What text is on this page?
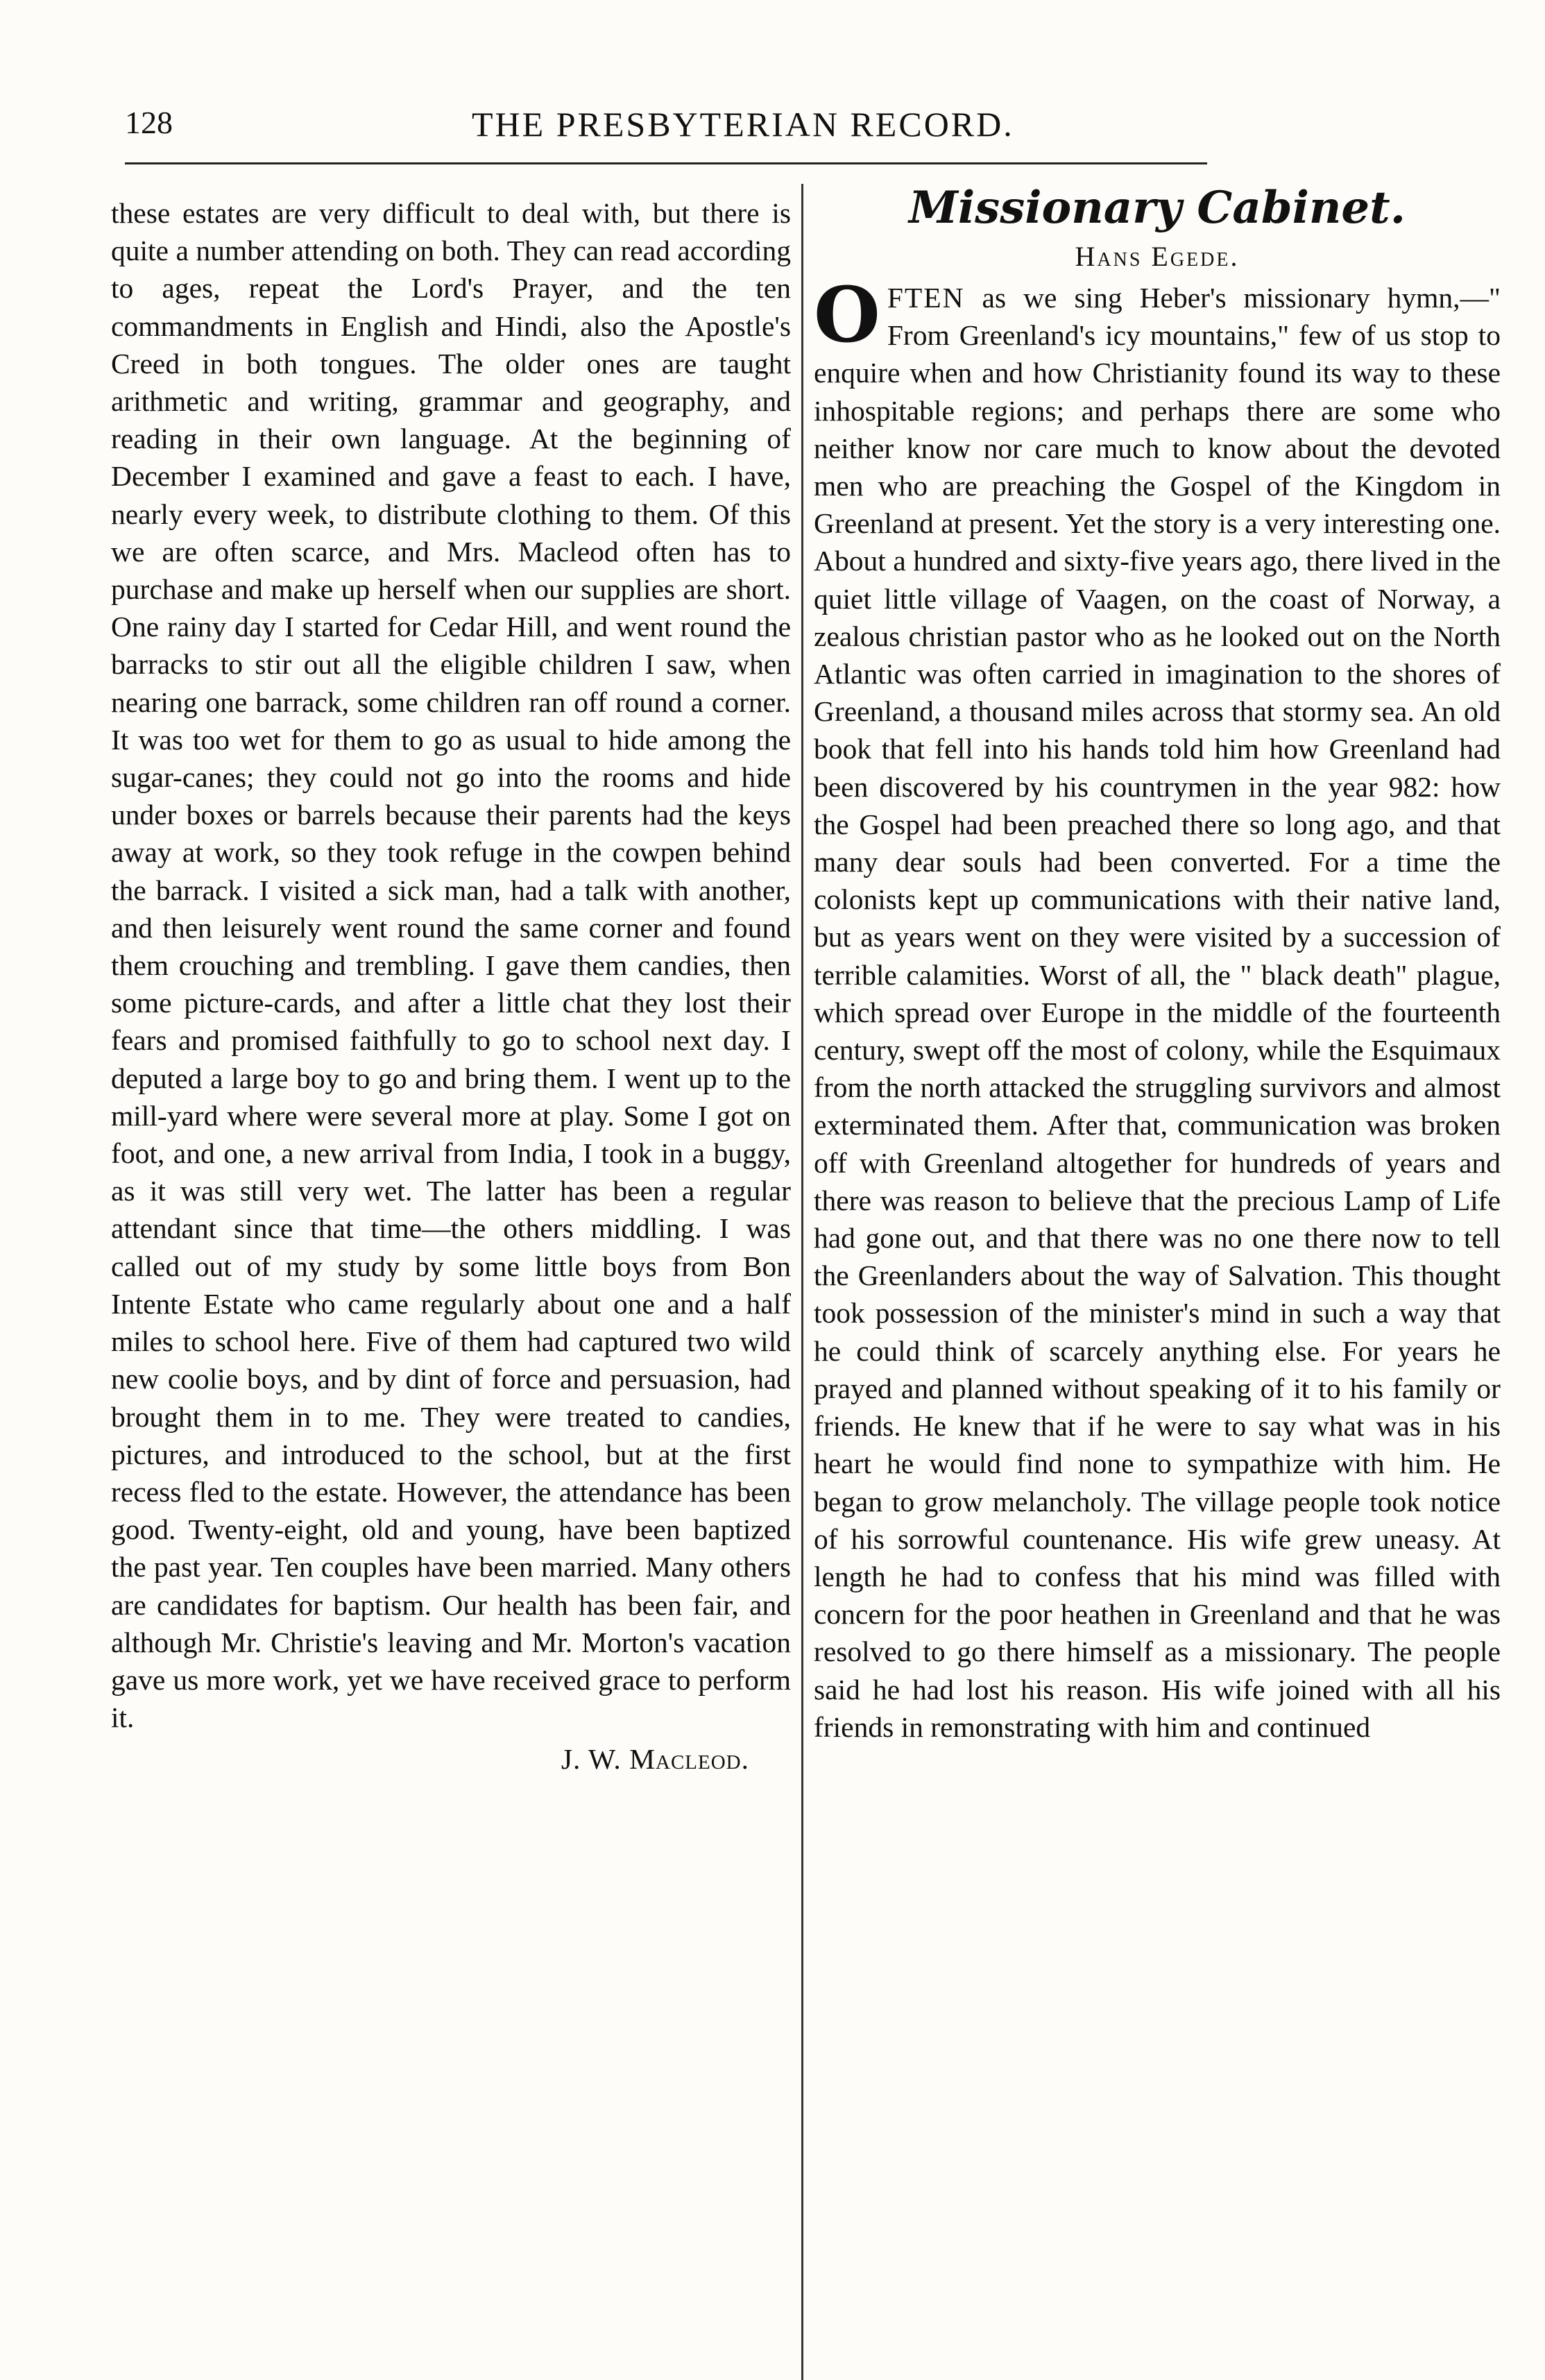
128	THE PRESBYTERIAN RECORD.

these estates are very difficult to deal with, but there is quite a number attending on both. They can read according to ages, repeat the Lord's Prayer, and the ten commandments in English and Hindi, also the Apostle's Creed in both tongues. The older ones are taught arithmetic and writing, grammar and geography, and reading in their own language. At the beginning of December I examined and gave a feast to each. I have, nearly every week, to distribute clothing to them. Of this we are often scarce, and Mrs. Macleod often has to purchase and make up herself when our supplies are short. One rainy day I started for Cedar Hill, and went round the barracks to stir out all the eligible children I saw, when nearing one barrack, some children ran off round a corner. It was too wet for them to go as usual to hide among the sugar-canes; they could not go into the rooms and hide under boxes or barrels because their parents had the keys away at work, so they took refuge in the cowpen behind the barrack. I visited a sick man, had a talk with another, and then leisurely went round the same corner and found them crouching and trembling. I gave them candies, then some picture-cards, and after a little chat they lost their fears and promised faithfully to go to school next day. I deputed a large boy to go and bring them. I went up to the mill-yard where were several more at play. Some I got on foot, and one, a new arrival from India, I took in a buggy, as it was still very wet. The latter has been a regular attendant since that time—the others middling. I was called out of my study by some little boys from Bon Intente Estate who came regularly about one and a half miles to school here. Five of them had captured two wild new coolie boys, and by dint of force and persuasion, had brought them in to me. They were treated to candies, pictures, and introduced to the school, but at the first recess fled to the estate. However, the attendance has been good. Twenty-eight, old and young, have been baptized the past year. Ten couples have been married. Many others are candidates for baptism. Our health has been fair, and although Mr. Christie's leaving and Mr. Morton's vacation gave us more work, yet we have received grace to perform it.

J. W. Macleod.
Missionary Cabinet.
Hans Egede.

OFTEN as we sing Heber's missionary hymn,—" From Greenland's icy mountains," few of us stop to enquire when and how Christianity found its way to these inhospitable regions; and perhaps there are some who neither know nor care much to know about the devoted men who are preaching the Gospel of the Kingdom in Greenland at present. Yet the story is a very interesting one. About a hundred and sixty-five years ago, there lived in the quiet little village of Vaagen, on the coast of Norway, a zealous christian pastor who as he looked out on the North Atlantic was often carried in imagination to the shores of Greenland, a thousand miles across that stormy sea. An old book that fell into his hands told him how Greenland had been discovered by his countrymen in the year 982: how the Gospel had been preached there so long ago, and that many dear souls had been converted. For a time the colonists kept up communications with their native land, but as years went on they were visited by a succession of terrible calamities. Worst of all, the " black death" plague, which spread over Europe in the middle of the fourteenth century, swept off the most of colony, while the Esquimaux from the north attacked the struggling survivors and almost exterminated them. After that, communication was broken off with Greenland altogether for hundreds of years and there was reason to believe that the precious Lamp of Life had gone out, and that there was no one there now to tell the Greenlanders about the way of Salvation. This thought took possession of the minister's mind in such a way that he could think of scarcely anything else. For years he prayed and planned without speaking of it to his family or friends. He knew that if he were to say what was in his heart he would find none to sympathize with him. He began to grow melancholy. The village people took notice of his sorrowful countenance. His wife grew uneasy. At length he had to confess that his mind was filled with concern for the poor heathen in Greenland and that he was resolved to go there himself as a missionary. The people said he had lost his reason. His wife joined with all his friends in remonstrating with him and continued
